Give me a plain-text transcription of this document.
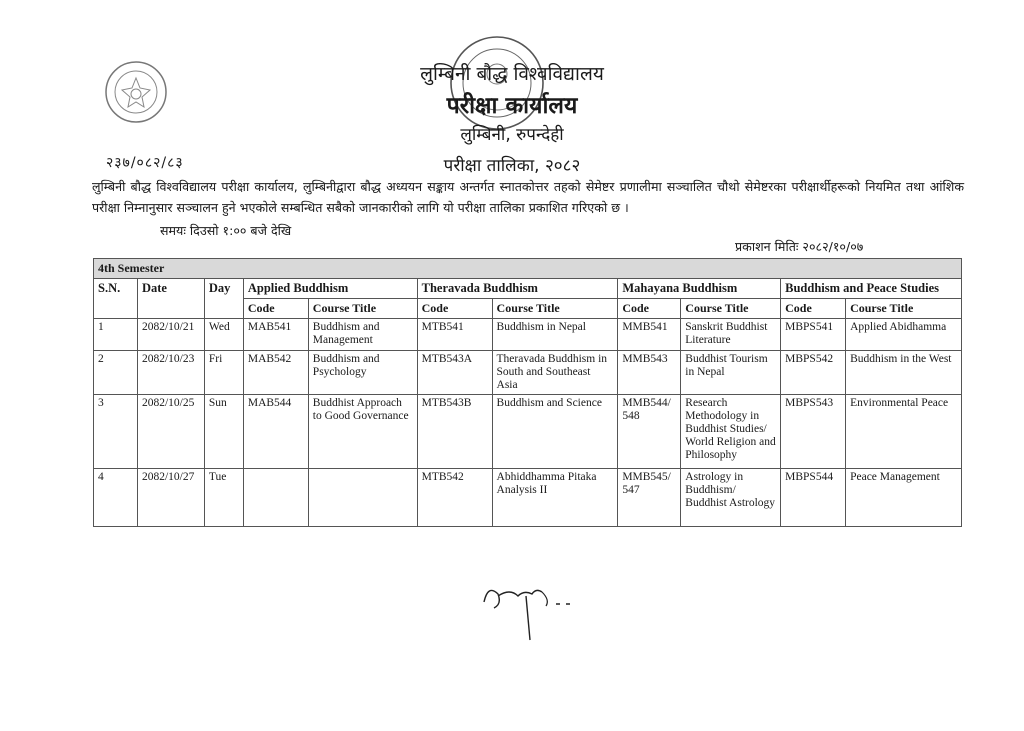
लुम्बिनी बौद्ध विश्वविद्यालय
परीक्षा कार्यालय
लुम्बिनी, रुपन्देही
२३७/०८२/८३	परीक्षा तालिका, २०८२
लुम्बिनी बौद्ध विश्वविद्यालय परीक्षा कार्यालय, लुम्बिनीद्वारा बौद्ध अध्ययन सङ्काय अन्तर्गत स्नातकोत्तर तहको सेमेष्टर प्रणालीमा सञ्चालित चौथो सेमेष्टरका परीक्षार्थीहरूको नियमित तथा आंशिक परीक्षा निम्नानुसार सञ्चालन हुने भएकोले सम्बन्धित सबैको जानकारीको लागि यो परीक्षा तालिका प्रकाशित गरिएको छ ।
समयः दिउसो १:०० बजे देखि
प्रकाशन मितिः २०८२/१०/०७
4th Semester										
S.N.	Date	Day	Applied Buddhism		Theravada Buddhism		Mahayana Buddhism		Buddhism and Peace Studies	
			Code	Course Title	Code	Course Title	Code	Course Title	Code	Course Title
1	2082/10/21	Wed	MAB541	Buddhism and Management	MTB541	Buddhism in Nepal	MMB541	Sanskrit Buddhist Literature	MBPS541	Applied Abidhamma
2	2082/10/23	Fri	MAB542	Buddhism and Psychology	MTB543A	Theravada Buddhism in South and Southeast Asia	MMB543	Buddhist Tourism in Nepal	MBPS542	Buddhism in the West
3	2082/10/25	Sun	MAB544	Buddhist Approach to Good Governance	MTB543B	Buddhism and Science	MMB544/ 548	Research Methodology in Buddhist Studies/ World Religion and Philosophy	MBPS543	Environmental Peace
4	2082/10/27	Tue			MTB542	Abhiddhamma Pitaka Analysis II	MMB545/ 547	Astrology in Buddhism/ Buddhist Astrology	MBPS544	Peace Management
